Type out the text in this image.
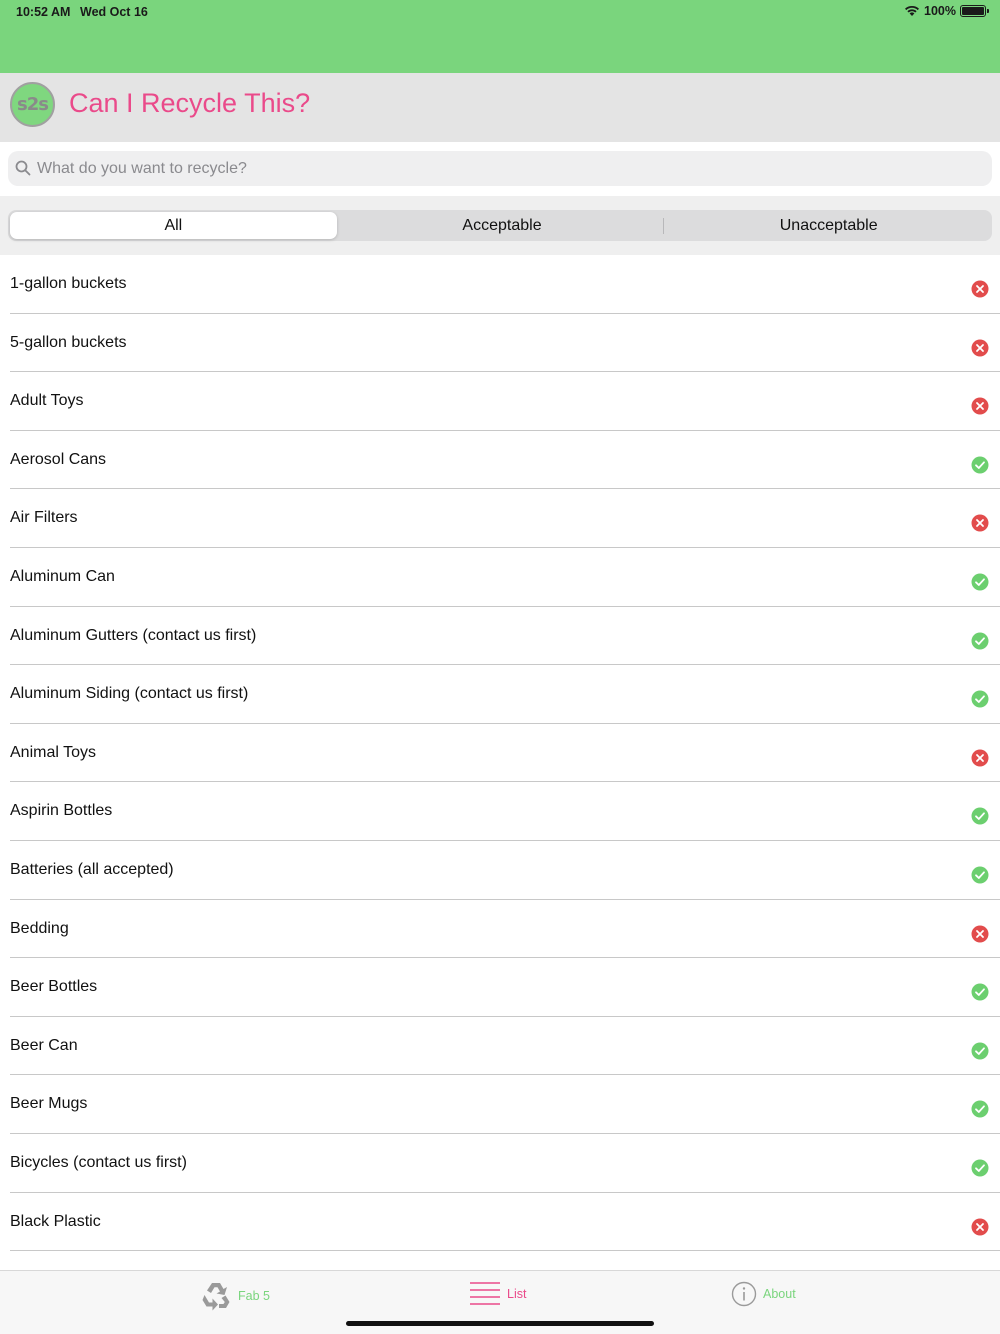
10:52 AM Wed Oct 16	100%
s2s Can I Recycle This?
What do you want to recycle?
All	Acceptable	Unacceptable
1-gallon buckets
5-gallon buckets
Adult Toys
Aerosol Cans
Air Filters
Aluminum Can
Aluminum Gutters (contact us first)
Aluminum Siding (contact us first)
Animal Toys
Aspirin Bottles
Batteries (all accepted)
Bedding
Beer Bottles
Beer Can
Beer Mugs
Bicycles (contact us first)
Black Plastic
Fab 5	List	About
